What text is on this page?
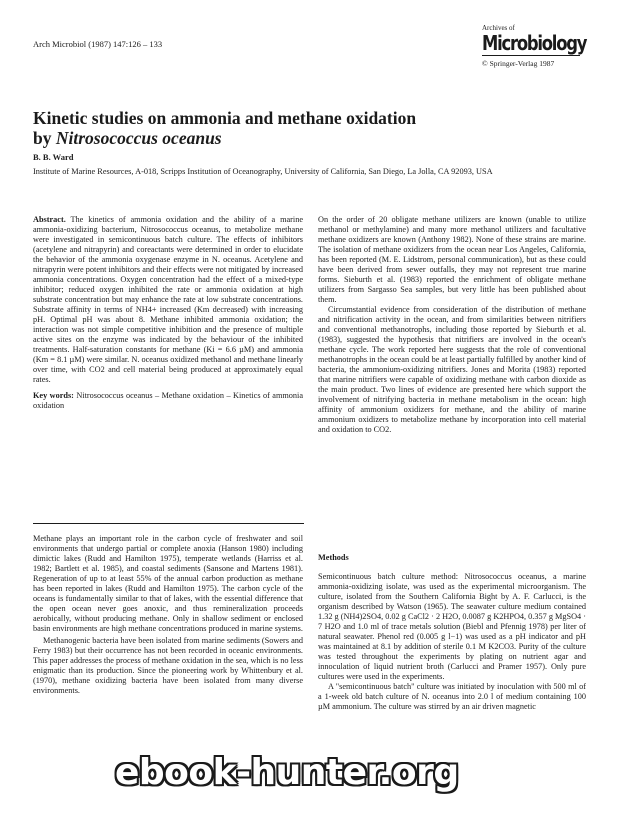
Arch Microbiol (1987) 147:126 – 133
Archives of
Microbiology
© Springer-Verlag 1987
Kinetic studies on ammonia and methane oxidation
by Nitrosococcus oceanus
B. B. Ward
Institute of Marine Resources, A-018, Scripps Institution of Oceanography, University of California, San Diego, La Jolla, CA 92093, USA

Abstract. The kinetics of ammonia oxidation and the ability of a marine ammonia-oxidizing bacterium, Nitrosococcus oceanus, to metabolize methane were investigated in semicontinuous batch culture. The effects of inhibitors (acetylene and nitrapyrin) and coreactants were determined in order to elucidate the behavior of the ammonia oxygenase enzyme in N. oceanus. Acetylene and nitrapyrin were potent inhibitors and their effects were not mitigated by increased ammonia concentrations. Oxygen concentration had the effect of a mixed-type inhibitor; reduced oxygen inhibited the rate or ammonia oxidation at high substrate concentration but may enhance the rate at low substrate concentrations. Substrate affinity in terms of NH4+ increased (Km decreased) with increasing pH. Optimal pH was about 8. Methane inhibited ammonia oxidation; the interaction was not simple competitive inhibition and the presence of multiple active sites on the enzyme was indicated by the behaviour of the inhibited treatments. Half-saturation constants for methane (Ki = 6.6 µM) and ammonia (Km = 8.1 µM) were similar. N. oceanus oxidized methanol and methane linearly over time, with CO2 and cell material being produced at approximately equal rates.

Key words: Nitrosococcus oceanus – Methane oxidation – Kinetics of ammonia oxidation

Methane plays an important role in the carbon cycle of freshwater and soil environments that undergo partial or complete anoxia (Hanson 1980) including dimictic lakes (Rudd and Hamilton 1975), temperate wetlands (Harriss et al. 1982; Bartlett et al. 1985), and coastal sediments (Sansone and Martens 1981). Regeneration of up to at least 55% of the annual carbon production as methane has been reported in lakes (Rudd and Hamilton 1975). The carbon cycle of the oceans is fundamentally similar to that of lakes, with the essential difference that the open ocean never goes anoxic, and thus remineralization proceeds aerobically, without producing methane. Only in shallow sediment or enclosed basin environments are high methane concentrations produced in marine systems.

Methanogenic bacteria have been isolated from marine sediments (Sowers and Ferry 1983) but their occurrence has not been recorded in oceanic environments. This paper addresses the process of methane oxidation in the sea, which is no less enigmatic than its production. Since the pioneering work by Whittenbury et al. (1970), methane oxidizing bacteria have been isolated from many diverse environments.

On the order of 20 obligate methane utilizers are known (unable to utilize methanol or methylamine) and many more methanol utilizers and facultative methane oxidizers are known (Anthony 1982). None of these strains are marine. The isolation of methane oxidizers from the ocean near Los Angeles, California, has been reported (M. E. Lidstrom, personal communication), but as these could have been derived from sewer outfalls, they may not represent true marine forms. Sieburth et al. (1983) reported the enrichment of obligate methane utilizers from Sargasso Sea samples, but very little has been published about them.

Circumstantial evidence from consideration of the distribution of methane and nitrification activity in the ocean, and from similarities between nitrifiers and conventional methanotrophs, including those reported by Sieburth et al. (1983), suggested the hypothesis that nitrifiers are involved in the ocean's methane cycle. The work reported here suggests that the role of conventional methanotrophs in the ocean could be at least partially fulfilled by another kind of bacteria, the ammonium-oxidizing nitrifiers. Jones and Morita (1983) reported that marine nitrifiers were capable of oxidizing methane with carbon dioxide as the main product. Two lines of evidence are presented here which support the involvement of nitrifying bacteria in methane metabolism in the ocean: high affinity of ammonium oxidizers for methane, and the ability of marine ammonium oxidizers to metabolize methane by incorporation into cell material and oxidation to CO2.

Methods

Semicontinuous batch culture method: Nitrosococcus oceanus, a marine ammonia-oxidizing isolate, was used as the experimental microorganism. The culture, isolated from the Southern California Bight by A. F. Carlucci, is the organism described by Watson (1965). The seawater culture medium contained 1.32 g (NH4)2SO4, 0.02 g CaCl2 · 2 H2O, 0.0087 g K2HPO4, 0.357 g MgSO4 · 7 H2O and 1.0 ml of trace metals solution (Biebl and Pfennig 1978) per liter of natural seawater. Phenol red (0.005 g l−1) was used as a pH indicator and pH was maintained at 8.1 by addition of sterile 0.1 M K2CO3. Purity of the culture was tested throughout the experiments by plating on nutrient agar and innoculation of liquid nutrient broth (Carlucci and Pramer 1957). Only pure cultures were used in the experiments.

A "semicontinuous batch" culture was initiated by inoculation with 500 ml of a 1-week old batch culture of N. oceanus into 2.0 l of medium containing 100 µM ammonium. The culture was stirred by an air driven magnetic

ebook-hunter.org
